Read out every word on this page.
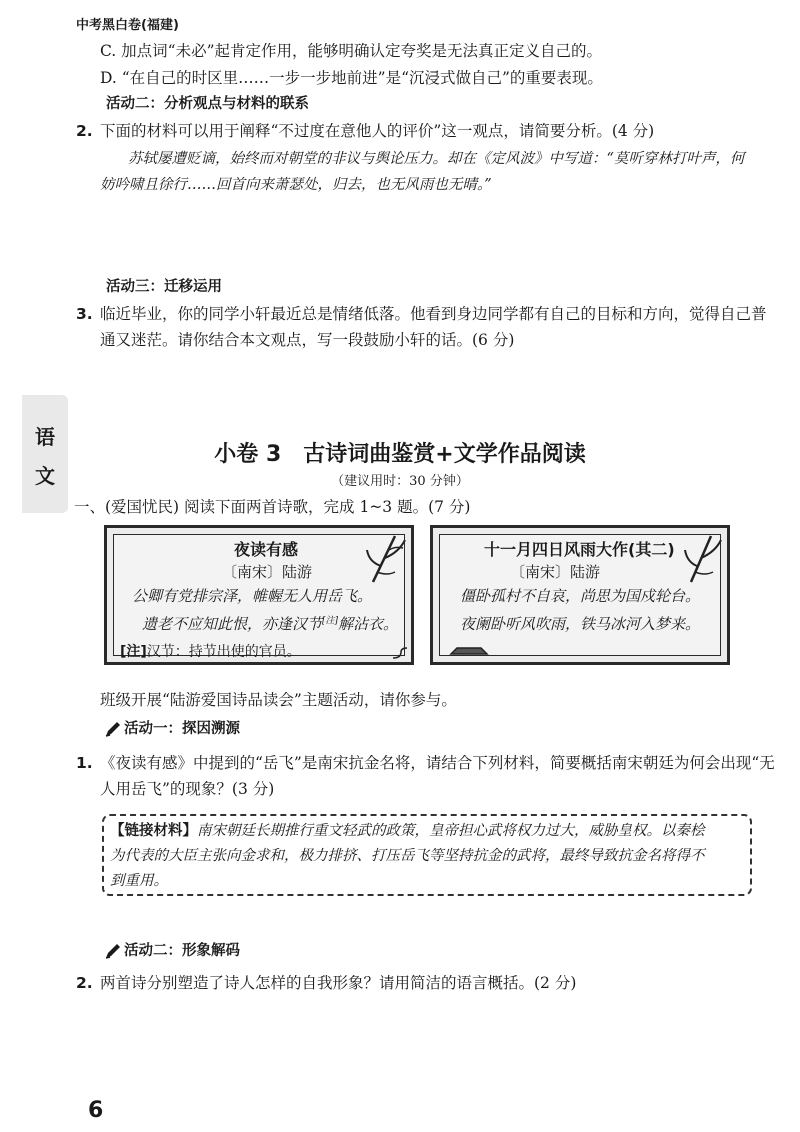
中考黑白卷(福建)
C. 加点词“未必”起肯定作用，能够明确认定夸奖是无法真正定义自己的。
D. “在自己的时区里……一步一步地前进”是“沉浸式做自己”的重要表现。
活动二：分析观点与材料的联系
2. 下面的材料可以用于阐释“不过度在意他人的评价”这一观点，请简要分析。(4 分)
苏轼屡遭贬谪，始终而对朝堂的非议与舆论压力。却在《定风波》中写道：“莫听穿林打叶声，何
妨吟啸且徐行……回首向来萧瑟处，归去，也无风雨也无晴。”
活动三：迁移运用
3. 临近毕业，你的同学小轩最近总是情绪低落。他看到身边同学都有自己的目标和方向，觉得自己普
通又迷茫。请你结合本文观点，写一段鼓励小轩的话。(6 分)
语
文
小卷 3　古诗词曲鉴赏+文学作品阅读
（建议用时：30 分钟）
一、(爱国忧民) 阅读下面两首诗歌，完成 1~3 题。(7 分)
夜读有感
〔南宋〕陆游
公卿有党排宗泽，帷幄无人用岳飞。
遗老不应知此恨，亦逢汉节[注]解沾衣。
[注]汉节：持节出使的官员。
十一月四日风雨大作(其二)
〔南宋〕陆游
僵卧孤村不自哀，尚思为国戍轮台。
夜阑卧听风吹雨，铁马冰河入梦来。
班级开展“陆游爱国诗品读会”主题活动，请你参与。
活动一：探因溯源
1. 《夜读有感》中提到的“岳飞”是南宋抗金名将，请结合下列材料，简要概括南宋朝廷为何会出现“无
人用岳飞”的现象？(3 分)
【链接材料】南宋朝廷长期推行重文轻武的政策，皇帝担心武将权力过大，威胁皇权。以秦桧
为代表的大臣主张向金求和，极力排挤、打压岳飞等坚持抗金的武将，最终导致抗金名将得不
到重用。
活动二：形象解码
2. 两首诗分别塑造了诗人怎样的自我形象？请用简洁的语言概括。(2 分)
6
